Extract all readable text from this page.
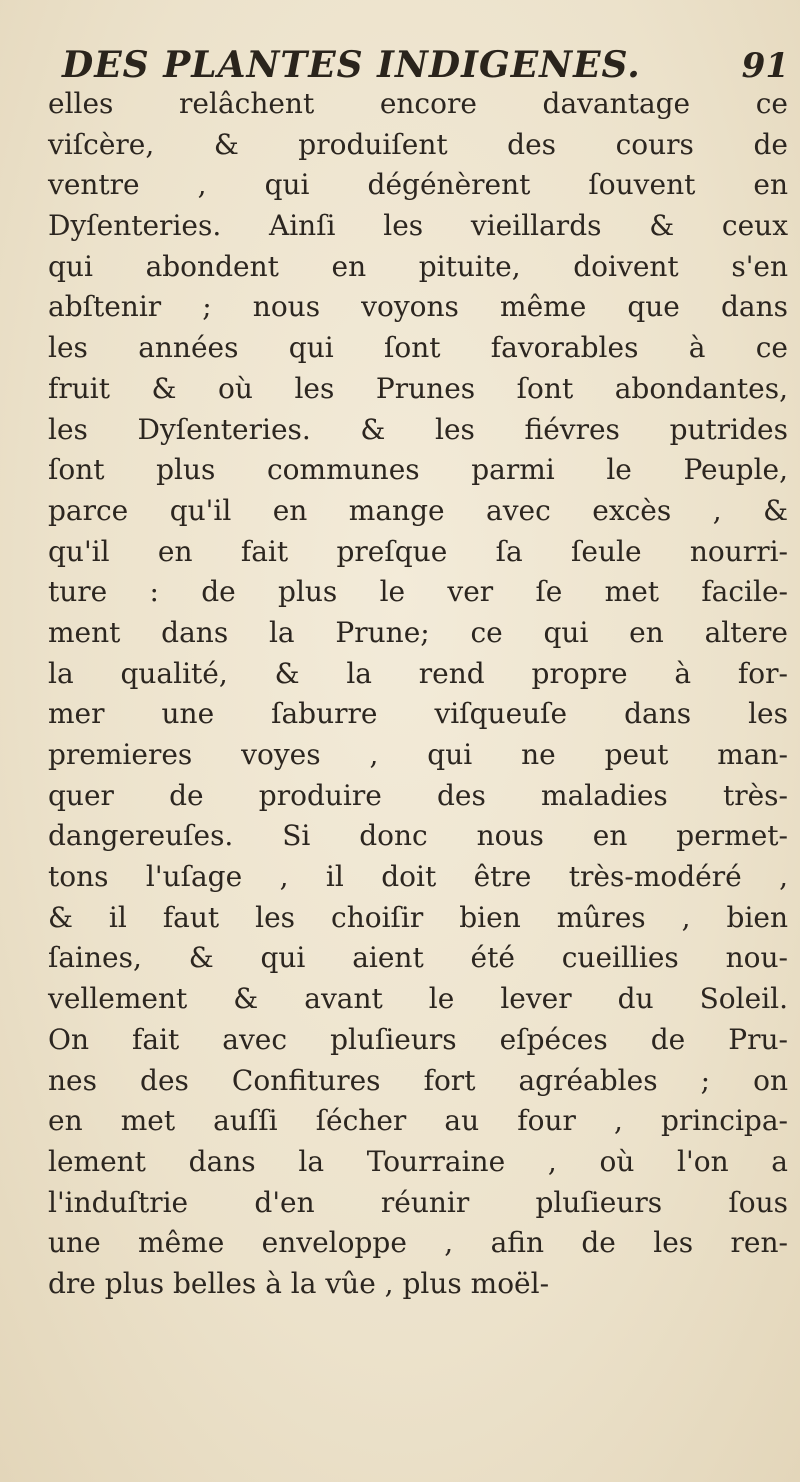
DES PLANTES INDIGENES.	91
elles relâchent encore davantage ce
viſcère, & produiſent des cours de
ventre , qui dégénèrent ſouvent en
Dyſenteries. Ainſi les vieillards & ceux
qui abondent en pituite, doivent s'en
abſtenir ; nous voyons même que dans
les années qui ſont favorables à ce
fruit & où les Prunes ſont abondantes,
les Dyſenteries. & les fiévres putrides
ſont plus communes parmi le Peuple,
parce qu'il en mange avec excès , &
qu'il en fait preſque ſa ſeule nourri-
ture : de plus le ver ſe met facile-
ment dans la Prune; ce qui en altere
la qualité, & la rend propre à for-
mer une ſaburre viſqueuſe dans les
premieres voyes , qui ne peut man-
quer de produire des maladies très-
dangereuſes. Si donc nous en permet-
tons l'uſage , il doit être très-modéré ,
& il faut les choiſir bien mûres , bien
ſaines, & qui aient été cueillies nou-
vellement & avant le lever du Soleil.
On fait avec pluſieurs eſpéces de Pru-
nes des Confitures fort agréables ; on
en met auſſi ſécher au four , principa-
lement dans la Tourraine , où l'on a
l'induſtrie d'en réunir pluſieurs ſous
une même enveloppe , afin de les ren-
dre plus belles à la vûe , plus moël-
